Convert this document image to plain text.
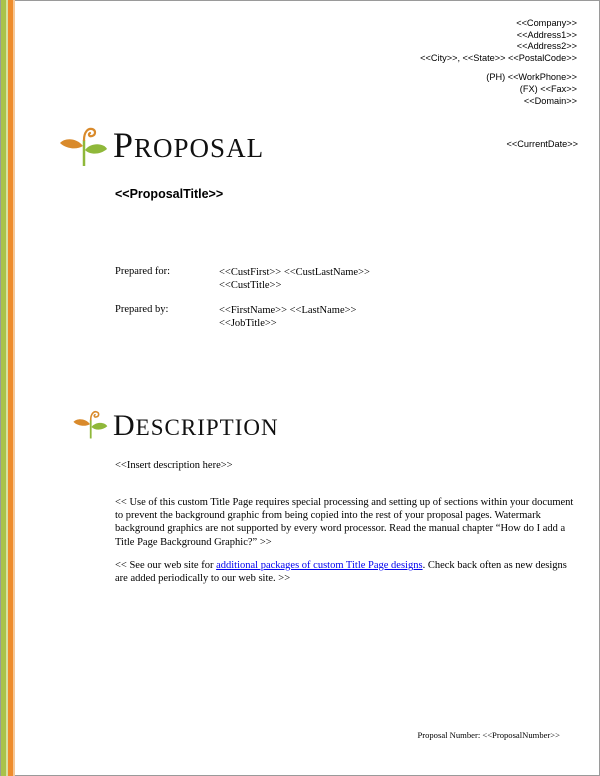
<<Company>>
<<Address1>>
<<Address2>>
<<City>>, <<State>> <<PostalCode>>
(PH) <<WorkPhone>>
(FX) <<Fax>>
<<Domain>>
<<CurrentDate>>
PROPOSAL
<<ProposalTitle>>
Prepared for:	<<CustFirst>> <<CustLastName>>
<<CustTitle>>
Prepared by:	<<FirstName>> <<LastName>>
<<JobTitle>>
DESCRIPTION
<<Insert description here>>
<< Use of this custom Title Page requires special processing and setting up of sections within your document to prevent the background graphic from being copied into the rest of your proposal pages. Watermark background graphics are not supported by every word processor. Read the manual chapter “How do I add a Title Page Background Graphic?” >>
<< See our web site for additional packages of custom Title Page designs. Check back often as new designs are added periodically to our web site. >>
Proposal Number: <<ProposalNumber>>
